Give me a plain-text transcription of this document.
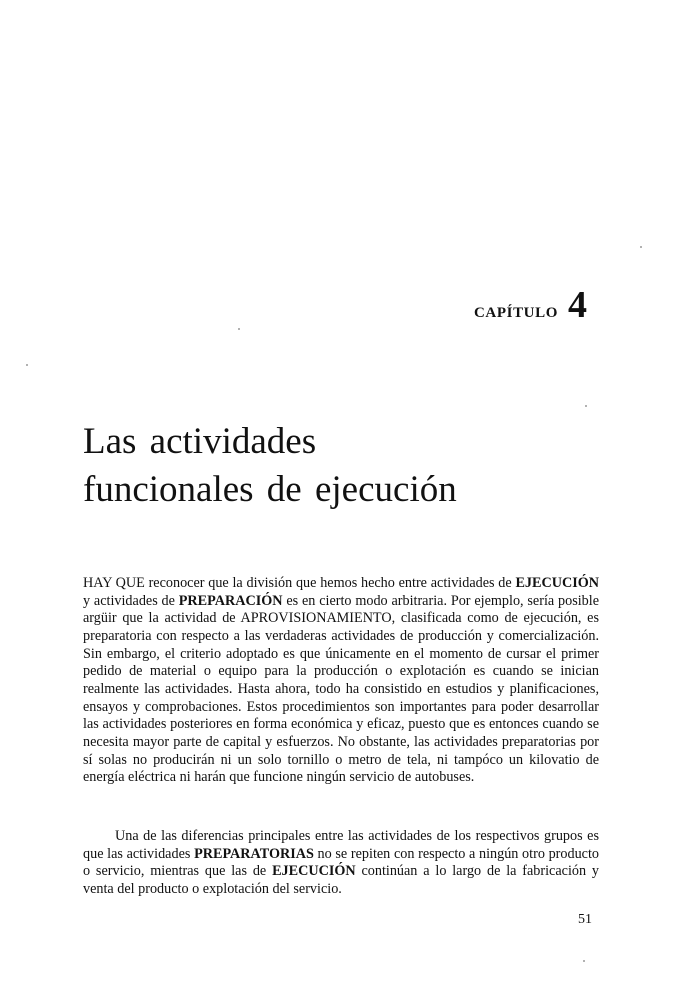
CAPÍTULO 4
Las actividades
funcionales de ejecución

HAY QUE reconocer que la división que hemos hecho entre actividades de EJECUCIÓN y actividades de PREPARACIÓN es en cierto modo arbitraria. Por ejemplo, sería posible argüir que la actividad de APROVISIONAMIENTO, clasificada como de ejecución, es preparatoria con respecto a las verdaderas actividades de producción y comercialización. Sin embargo, el criterio adoptado es que únicamente en el momento de cursar el primer pedido de material o equipo para la producción o explotación es cuando se inician realmente las actividades. Hasta ahora, todo ha consistido en estudios y planificaciones, ensayos y comprobaciones. Estos procedimientos son importantes para poder desarrollar las actividades posteriores en forma económica y eficaz, puesto que es entonces cuando se necesita mayor parte de capital y esfuerzos. No obstante, las actividades preparatorias por sí solas no producirán ni un solo tornillo o metro de tela, ni tampóco un kilovatio de energía eléctrica ni harán que funcione ningún servicio de autobuses.

Una de las diferencias principales entre las actividades de los respectivos grupos es que las actividades PREPARATORIAS no se repiten con respecto a ningún otro producto o servicio, mientras que las de EJECUCIÓN continúan a lo largo de la fabricación y venta del producto o explotación del servicio.

51
